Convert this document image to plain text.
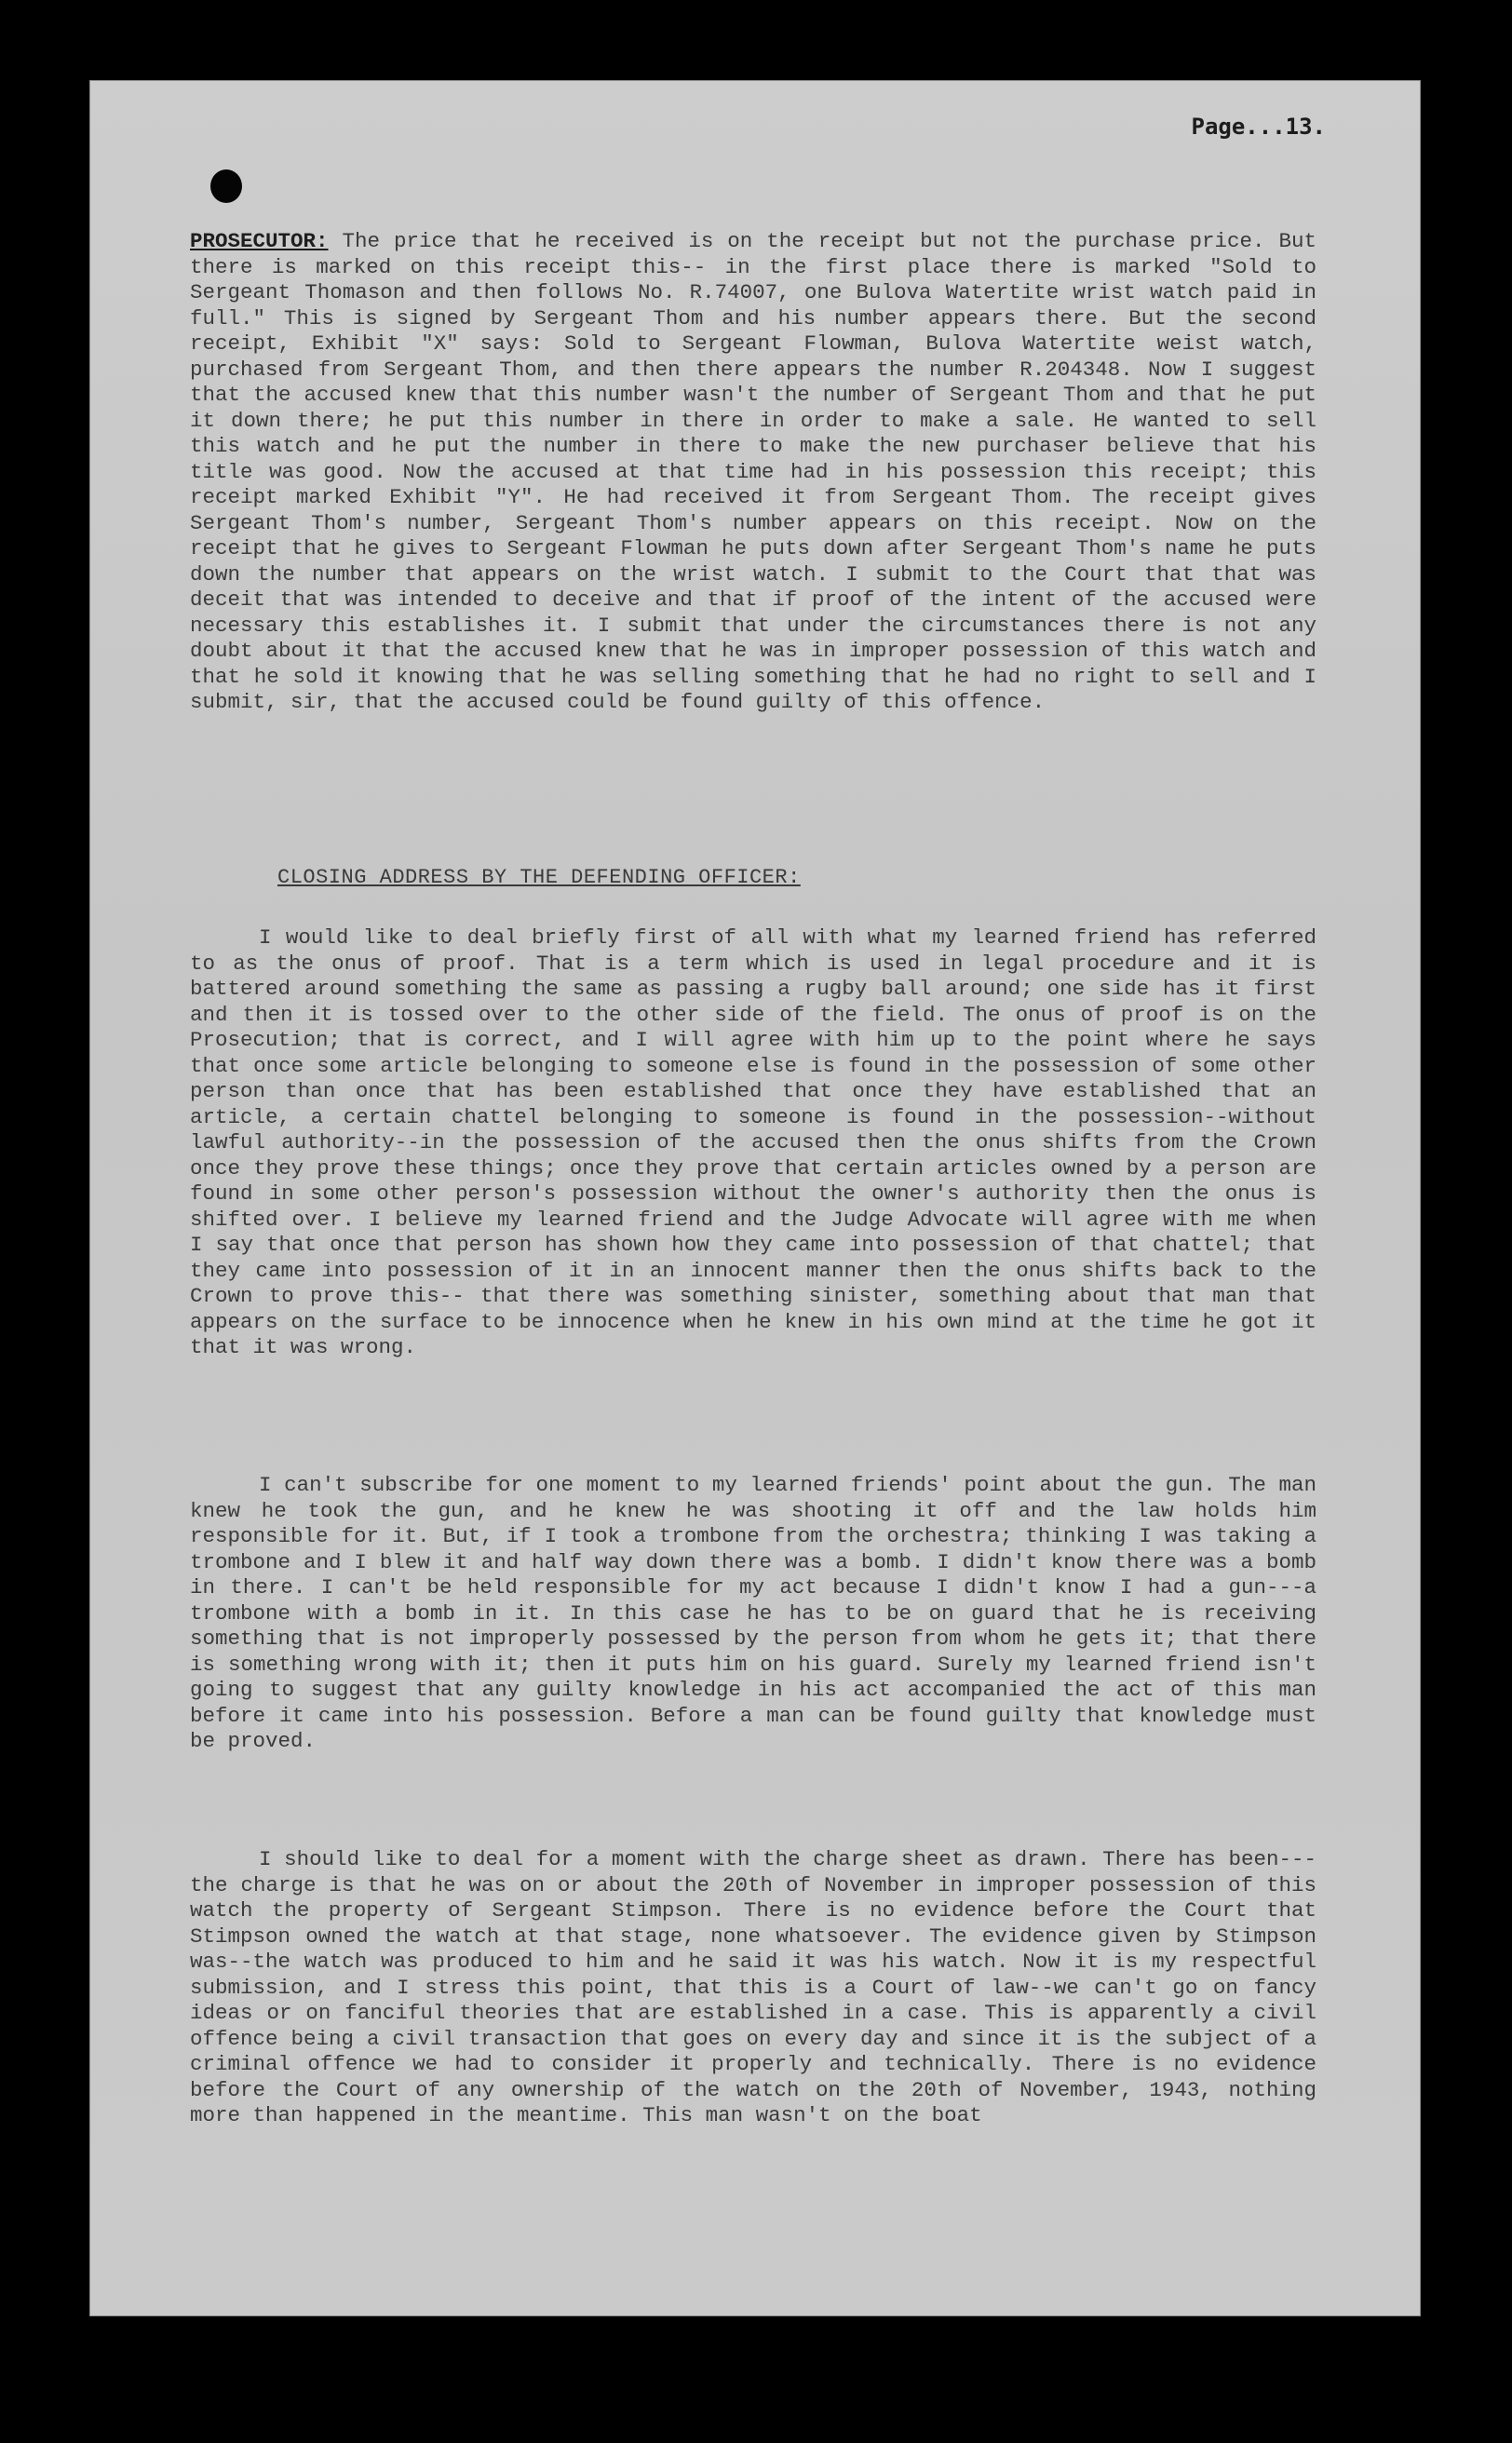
Page...13.

PROSECUTOR: The price that he received is on the receipt but not the purchase price. But there is marked on this receipt this-- in the first place there is marked "Sold to Sergeant Thomason and then follows No. R.74007, one Bulova Watertite wrist watch paid in full." This is signed by Sergeant Thom and his number appears there. But the second receipt, Exhibit "X" says: Sold to Sergeant Flowman, Bulova Watertite weist watch, purchased from Sergeant Thom, and then there appears the number R.204348. Now I suggest that the accused knew that this number wasn't the number of Sergeant Thom and that he put it down there; he put this number in there in order to make a sale. He wanted to sell this watch and he put the number in there to make the new purchaser believe that his title was good. Now the accused at that time had in his possession this receipt; this receipt marked Exhibit "Y". He had received it from Sergeant Thom. The receipt gives Sergeant Thom's number, Sergeant Thom's number appears on this receipt. Now on the receipt that he gives to Sergeant Flowman he puts down after Sergeant Thom's name he puts down the number that appears on the wrist watch. I submit to the Court that that was deceit that was intended to deceive and that if proof of the intent of the accused were necessary this establishes it. I submit that under the circumstances there is not any doubt about it that the accused knew that he was in improper possession of this watch and that he sold it knowing that he was selling something that he had no right to sell and I submit, sir, that the accused could be found guilty of this offence.

CLOSING ADDRESS BY THE DEFENDING OFFICER:

I would like to deal briefly first of all with what my learned friend has referred to as the onus of proof. That is a term which is used in legal procedure and it is battered around something the same as passing a rugby ball around; one side has it first and then it is tossed over to the other side of the field. The onus of proof is on the Prosecution; that is correct, and I will agree with him up to the point where he says that once some article belonging to someone else is found in the possession of some other person than once that has been established that once they have established that an article, a certain chattel belonging to someone is found in the possession--without lawful authority--in the possession of the accused then the onus shifts from the Crown once they prove these things; once they prove that certain articles owned by a person are found in some other person's possession without the owner's authority then the onus is shifted over. I believe my learned friend and the Judge Advocate will agree with me when I say that once that person has shown how they came into possession of that chattel; that they came into possession of it in an innocent manner then the onus shifts back to the Crown to prove this-- that there was something sinister, something about that man that appears on the surface to be innocence when he knew in his own mind at the time he got it that it was wrong.

I can't subscribe for one moment to my learned friends' point about the gun. The man knew he took the gun, and he knew he was shooting it off and the law holds him responsible for it. But, if I took a trombone from the orchestra; thinking I was taking a trombone and I blew it and half way down there was a bomb. I didn't know there was a bomb in there. I can't be held responsible for my act because I didn't know I had a gun---a trombone with a bomb in it. In this case he has to be on guard that he is receiving something that is not improperly possessed by the person from whom he gets it; that there is something wrong with it; then it puts him on his guard. Surely my learned friend isn't going to suggest that any guilty knowledge in his act accompanied the act of this man before it came into his possession. Before a man can be found guilty that knowledge must be proved.

I should like to deal for a moment with the charge sheet as drawn. There has been---the charge is that he was on or about the 20th of November in improper possession of this watch the property of Sergeant Stimpson. There is no evidence before the Court that Stimpson owned the watch at that stage, none whatsoever. The evidence given by Stimpson was--the watch was produced to him and he said it was his watch. Now it is my respectful submission, and I stress this point, that this is a Court of law--we can't go on fancy ideas or on fanciful theories that are established in a case. This is apparently a civil offence being a civil transaction that goes on every day and since it is the subject of a criminal offence we had to consider it properly and technically. There is no evidence before the Court of any ownership of the watch on the 20th of November, 1943, nothing more than happened in the meantime. This man wasn't on the boat
